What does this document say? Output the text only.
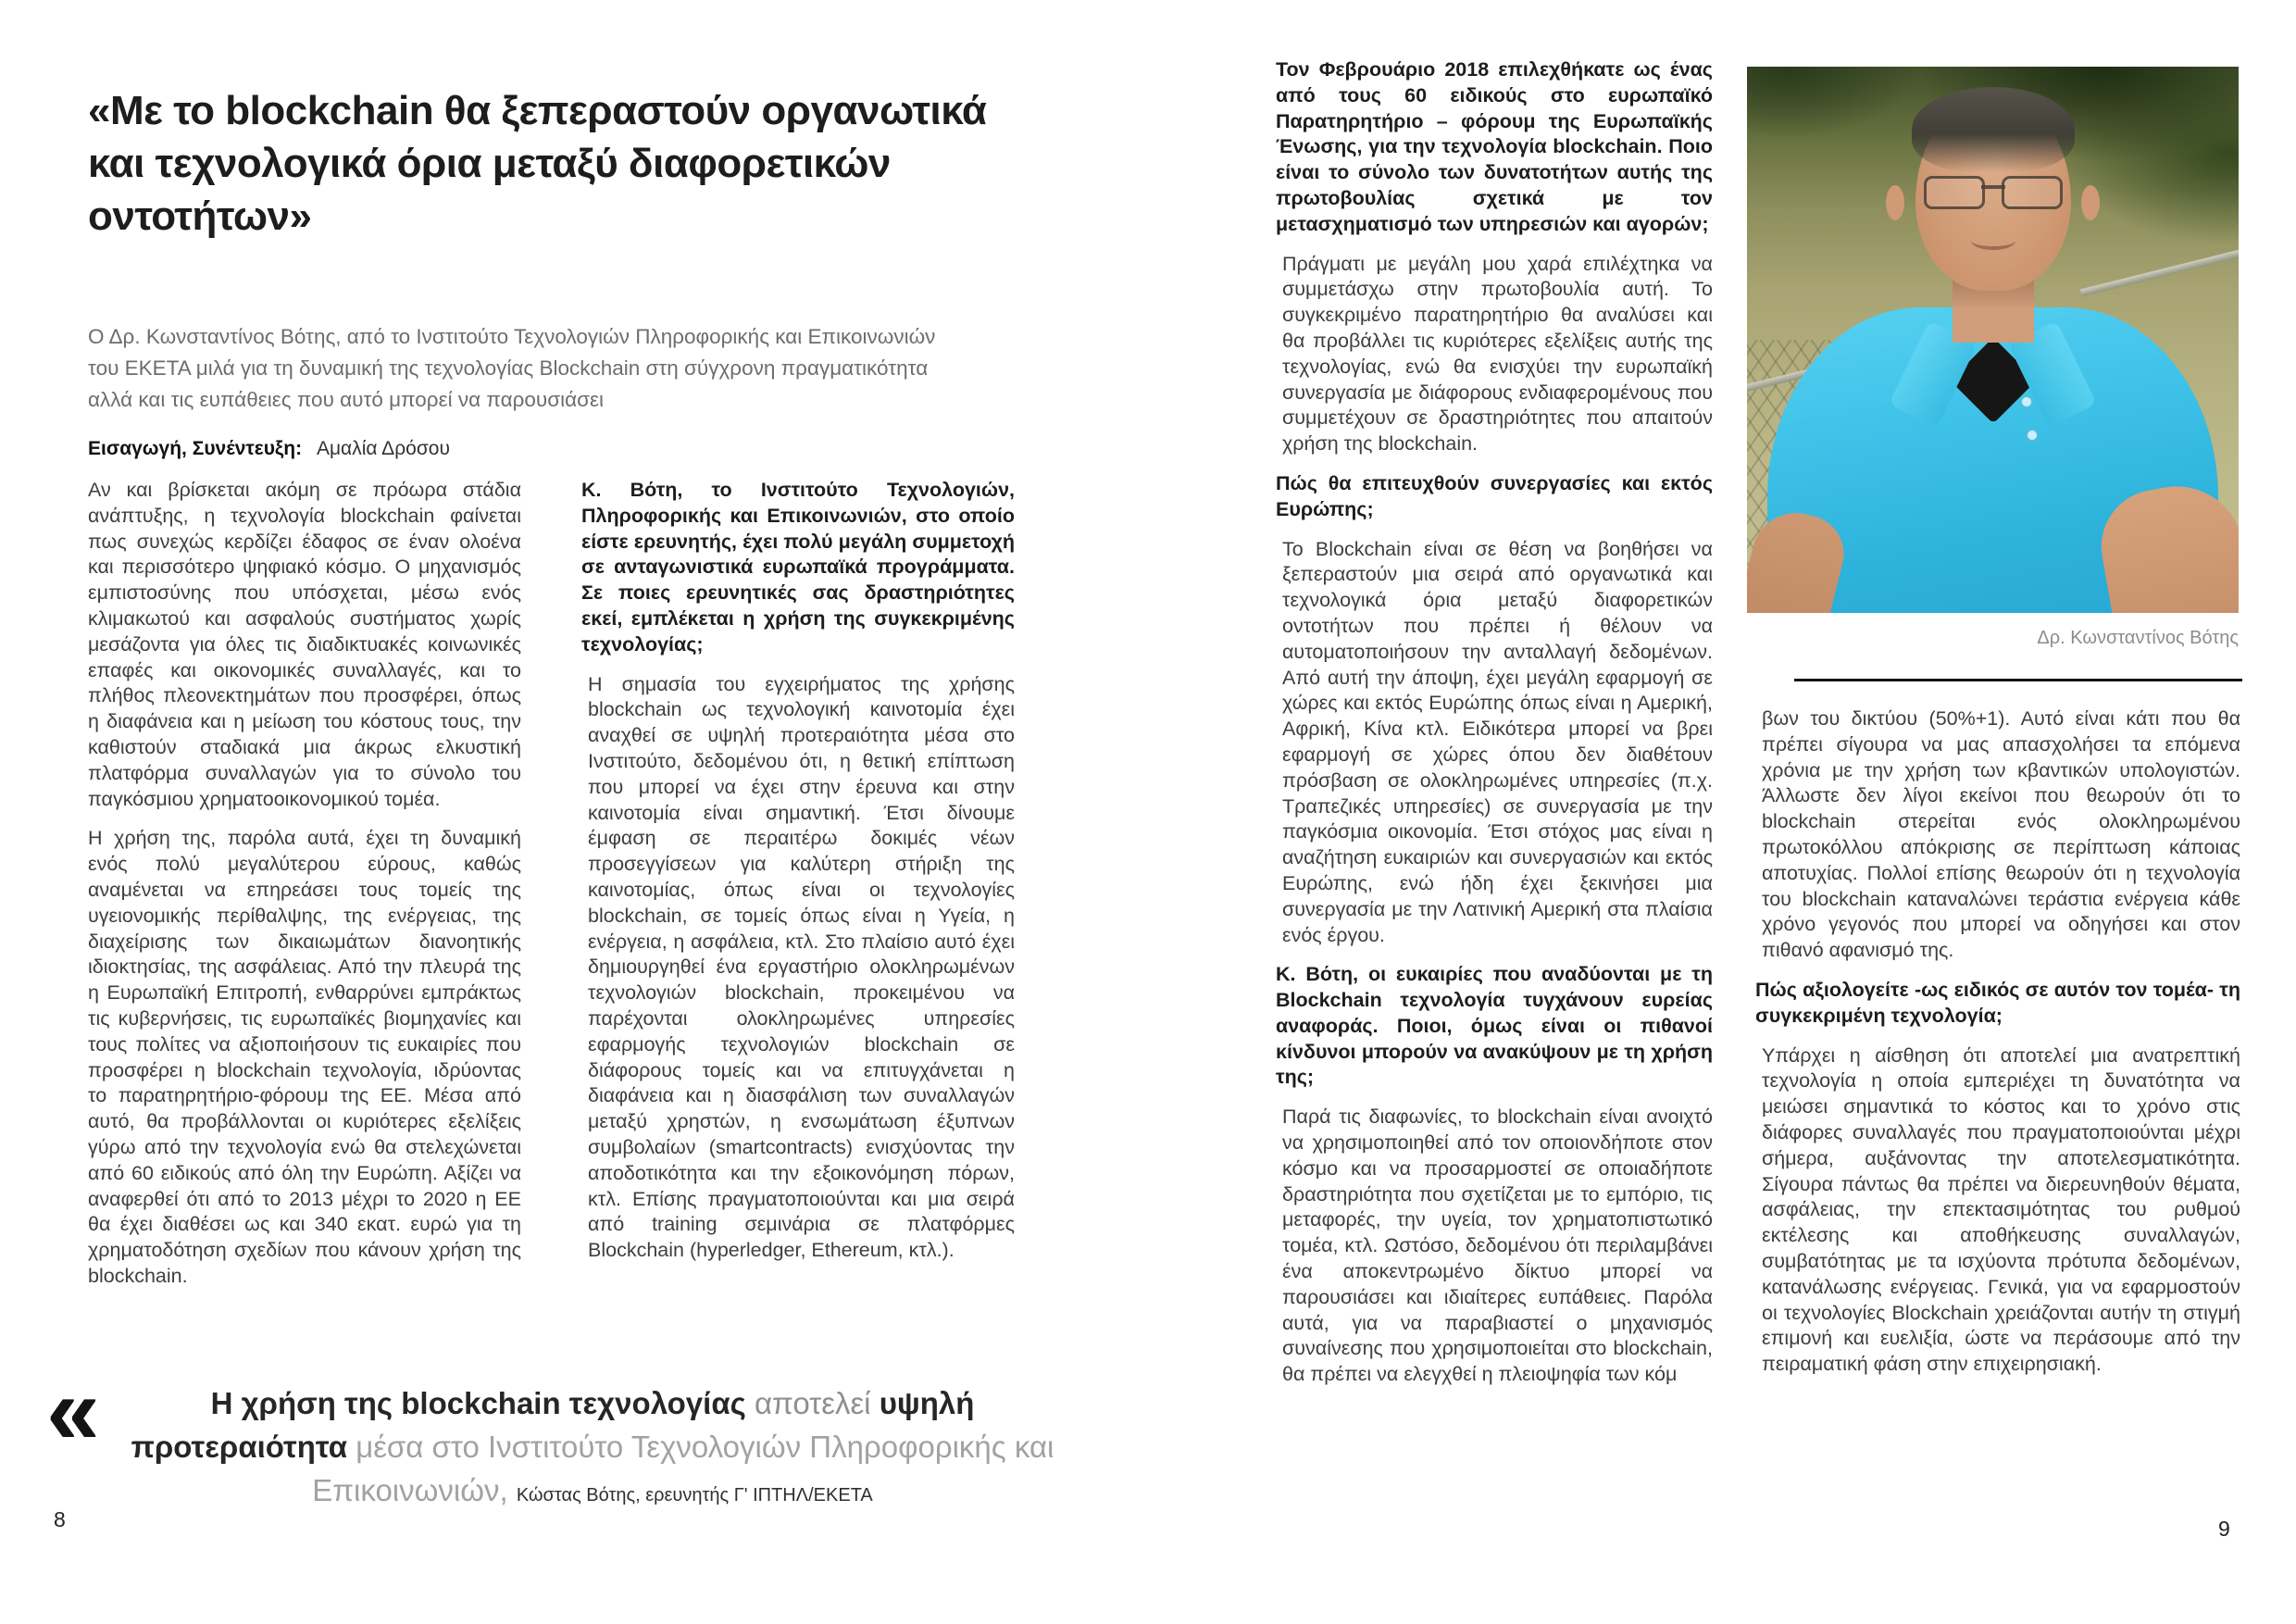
«Με το blockchain θα ξεπεραστούν οργανωτικά και τεχνολογικά όρια μεταξύ διαφορετικών οντοτήτων»

Ο Δρ. Κωνσταντίνος Βότης, από το Ινστιτούτο Τεχνολογιών Πληροφορικής και Επικοινωνιών του ΕΚΕΤΑ μιλά για τη δυναμική της τεχνολογίας Blockchain στη σύγχρονη πραγματικότητα αλλά και τις ευπάθειες που αυτό μπορεί να παρουσιάσει

Εισαγωγή, Συνέντευξη: Αμαλία Δρόσου

Αν και βρίσκεται ακόμη σε πρόωρα στάδια ανάπτυξης, η τεχνολογία blockchain φαίνεται πως συνεχώς κερδίζει έδαφος σε έναν ολοένα και περισσότερο ψηφιακό κόσμο. Ο μηχανισμός εμπιστοσύνης που υπόσχεται, μέσω ενός κλιμακωτού και ασφαλούς συστήματος χωρίς μεσάζοντα για όλες τις διαδικτυακές κοινωνικές επαφές και οικονομικές συναλλαγές, και το πλήθος πλεονεκτημάτων που προσφέρει, όπως η διαφάνεια και η μείωση του κόστους τους, την καθιστούν σταδιακά μια άκρως ελκυστική πλατφόρμα συναλλαγών για το σύνολο του παγκόσμιου χρηματοοικονομικού τομέα.

Η χρήση της, παρόλα αυτά, έχει τη δυναμική ενός πολύ μεγαλύτερου εύρους, καθώς αναμένεται να επηρεάσει τους τομείς της υγειονομικής περίθαλψης, της ενέργειας, της διαχείρισης των δικαιωμάτων διανοητικής ιδιοκτησίας, της ασφάλειας. Από την πλευρά της η Ευρωπαϊκή Επιτροπή, ενθαρρύνει εμπράκτως τις κυβερνήσεις, τις ευρωπαϊκές βιομηχανίες και τους πολίτες να αξιοποιήσουν τις ευκαιρίες που προσφέρει η blockchain τεχνολογία, ιδρύοντας το παρατηρητήριο-φόρουμ της ΕΕ. Μέσα από αυτό, θα προβάλλονται οι κυριότερες εξελίξεις γύρω από την τεχνολογία ενώ θα στελεχώνεται από 60 ειδικούς από όλη την Ευρώπη. Αξίζει να αναφερθεί ότι από το 2013 μέχρι το 2020 η ΕΕ θα έχει διαθέσει ως και 340 εκατ. ευρώ για τη χρηματοδότηση σχεδίων που κάνουν χρήση της blockchain.

Κ. Βότη, το Ινστιτούτο Τεχνολογιών, Πληροφορικής και Επικοινωνιών, στο οποίο είστε ερευνητής, έχει πολύ μεγάλη συμμετοχή σε ανταγωνιστικά ευρωπαϊκά προγράμματα. Σε ποιες ερευνητικές σας δραστηριότητες εκεί, εμπλέκεται η χρήση της συγκεκριμένης τεχνολογίας;

Η σημασία του εγχειρήματος της χρήσης blockchain ως τεχνολογική καινοτομία έχει αναχθεί σε υψηλή προτεραιότητα μέσα στο Ινστιτούτο, δεδομένου ότι, η θετική επίπτωση που μπορεί να έχει στην έρευνα και στην καινοτομία είναι σημαντική. Έτσι δίνουμε έμφαση σε περαιτέρω δοκιμές νέων προσεγγίσεων για καλύτερη στήριξη της καινοτομίας, όπως είναι οι τεχνολογίες blockchain, σε τομείς όπως είναι η Υγεία, η ενέργεια, η ασφάλεια, κτλ. Στο πλαίσιο αυτό έχει δημιουργηθεί ένα εργαστήριο ολοκληρωμένων τεχνολογιών blockchain, προκειμένου να παρέχονται ολοκληρωμένες υπηρεσίες εφαρμογής τεχνολογιών blockchain σε διάφορους τομείς και να επιτυγχάνεται η διαφάνεια και η διασφάλιση των συναλλαγών μεταξύ χρηστών, η ενσωμάτωση έξυπνων συμβολαίων (smartcontracts) ενισχύοντας την αποδοτικότητα και την εξοικονόμηση πόρων, κτλ. Επίσης πραγματοποιούνται και μια σειρά από training σεμινάρια σε πλατφόρμες Blockchain (hyperledger, Ethereum, κτλ.).

«	Η χρήση της blockchain τεχνολογίας αποτελεί υψηλή προτεραιότητα μέσα στο Ινστιτούτο Τεχνολογιών Πληροφορικής και Επικοινωνιών, Κώστας Βότης, ερευνητής Γ' ΙΠΤΗΛ/ΕΚΕΤΑ
8

Τον Φεβρουάριο 2018 επιλεχθήκατε ως ένας από τους 60 ειδικούς στο ευρωπαϊκό Παρατηρητήριο – φόρουμ της Ευρωπαϊκής Ένωσης, για την τεχνολογία blockchain. Ποιο είναι το σύνολο των δυνατοτήτων αυτής της πρωτοβουλίας σχετικά με τον μετασχηματισμό των υπηρεσιών και αγορών;

Πράγματι με μεγάλη μου χαρά επιλέχτηκα να συμμετάσχω στην πρωτοβουλία αυτή. Το συγκεκριμένο παρατηρητήριο θα αναλύσει και θα προβάλλει τις κυριότερες εξελίξεις αυτής της τεχνολογίας, ενώ θα ενισχύει την ευρωπαϊκή συνεργασία με διάφορους ενδιαφερομένους που συμμετέχουν σε δραστηριότητες που απαιτούν χρήση της blockchain.

Πώς θα επιτευχθούν συνεργασίες και εκτός Ευρώπης;

Το Blockchain είναι σε θέση να βοηθήσει να ξεπεραστούν μια σειρά από οργανωτικά και τεχνολογικά όρια μεταξύ διαφορετικών οντοτήτων που πρέπει ή θέλουν να αυτοματοποιήσουν την ανταλλαγή δεδομένων. Από αυτή την άποψη, έχει μεγάλη εφαρμογή σε χώρες και εκτός Ευρώπης όπως είναι η Αμερική, Αφρική, Κίνα κτλ. Ειδικότερα μπορεί να βρει εφαρμογή σε χώρες όπου δεν διαθέτουν πρόσβαση σε ολοκληρωμένες υπηρεσίες (π.χ. Τραπεζικές υπηρεσίες) σε συνεργασία με την παγκόσμια οικονομία. Έτσι στόχος μας είναι η αναζήτηση ευκαιριών και συνεργασιών και εκτός Ευρώπης, ενώ ήδη έχει ξεκινήσει μια συνεργασία με την Λατινική Αμερική στα πλαίσια ενός έργου.

Κ. Βότη, οι ευκαιρίες που αναδύονται με τη Blockchain τεχνολογία τυγχάνουν ευρείας αναφοράς. Ποιοι, όμως είναι οι πιθανοί κίνδυνοι μπορούν να ανακύψουν με τη χρήση της;

Παρά τις διαφωνίες, το blockchain είναι ανοιχτό να χρησιμοποιηθεί από τον οποιονδήποτε στον κόσμο και να προσαρμοστεί σε οποιαδήποτε δραστηριότητα που σχετίζεται με το εμπόριο, τις μεταφορές, την υγεία, τον χρηματοπιστωτικό τομέα, κτλ. Ωστόσο, δεδομένου ότι περιλαμβάνει ένα αποκεντρωμένο δίκτυο μπορεί να παρουσιάσει και ιδιαίτερες ευπάθειες. Παρόλα αυτά, για να παραβιαστεί ο μηχανισμός συναίνεσης που χρησιμοποιείται στο blockchain, θα πρέπει να ελεγχθεί η πλειοψηφία των κόμ

Δρ. Κωνσταντίνος Βότης

βων του δικτύου (50%+1). Αυτό είναι κάτι που θα πρέπει σίγουρα να μας απασχολήσει τα επόμενα χρόνια με την χρήση των κβαντικών υπολογιστών. Άλλωστε δεν λίγοι εκείνοι που θεωρούν ότι το blockchain στερείται ενός ολοκληρωμένου πρωτοκόλλου απόκρισης σε περίπτωση κάποιας αποτυχίας. Πολλοί επίσης θεωρούν ότι η τεχνολογία του blockchain καταναλώνει τεράστια ενέργεια κάθε χρόνο γεγονός που μπορεί να οδηγήσει και στον πιθανό αφανισμό της.

Πώς αξιολογείτε -ως ειδικός σε αυτόν τον τομέα- τη συγκεκριμένη τεχνολογία;

Υπάρχει η αίσθηση ότι αποτελεί μια ανατρεπτική τεχνολογία η οποία εμπεριέχει τη δυνατότητα να μειώσει σημαντικά το κόστος και το χρόνο στις διάφορες συναλλαγές που πραγματοποιούνται μέχρι σήμερα, αυξάνοντας την αποτελεσματικότητα. Σίγουρα πάντως θα πρέπει να διερευνηθούν θέματα, ασφάλειας, την επεκτασιμότητας του ρυθμού εκτέλεσης και αποθήκευσης συναλλαγών, συμβατότητας με τα ισχύοντα πρότυπα δεδομένων, κατανάλωσης ενέργειας. Γενικά, για να εφαρμοστούν οι τεχνολογίες Blockchain χρειάζονται αυτήν τη στιγμή επιμονή και ευελιξία, ώστε να περάσουμε από την πειραματική φάση στην επιχειρησιακή.

9
